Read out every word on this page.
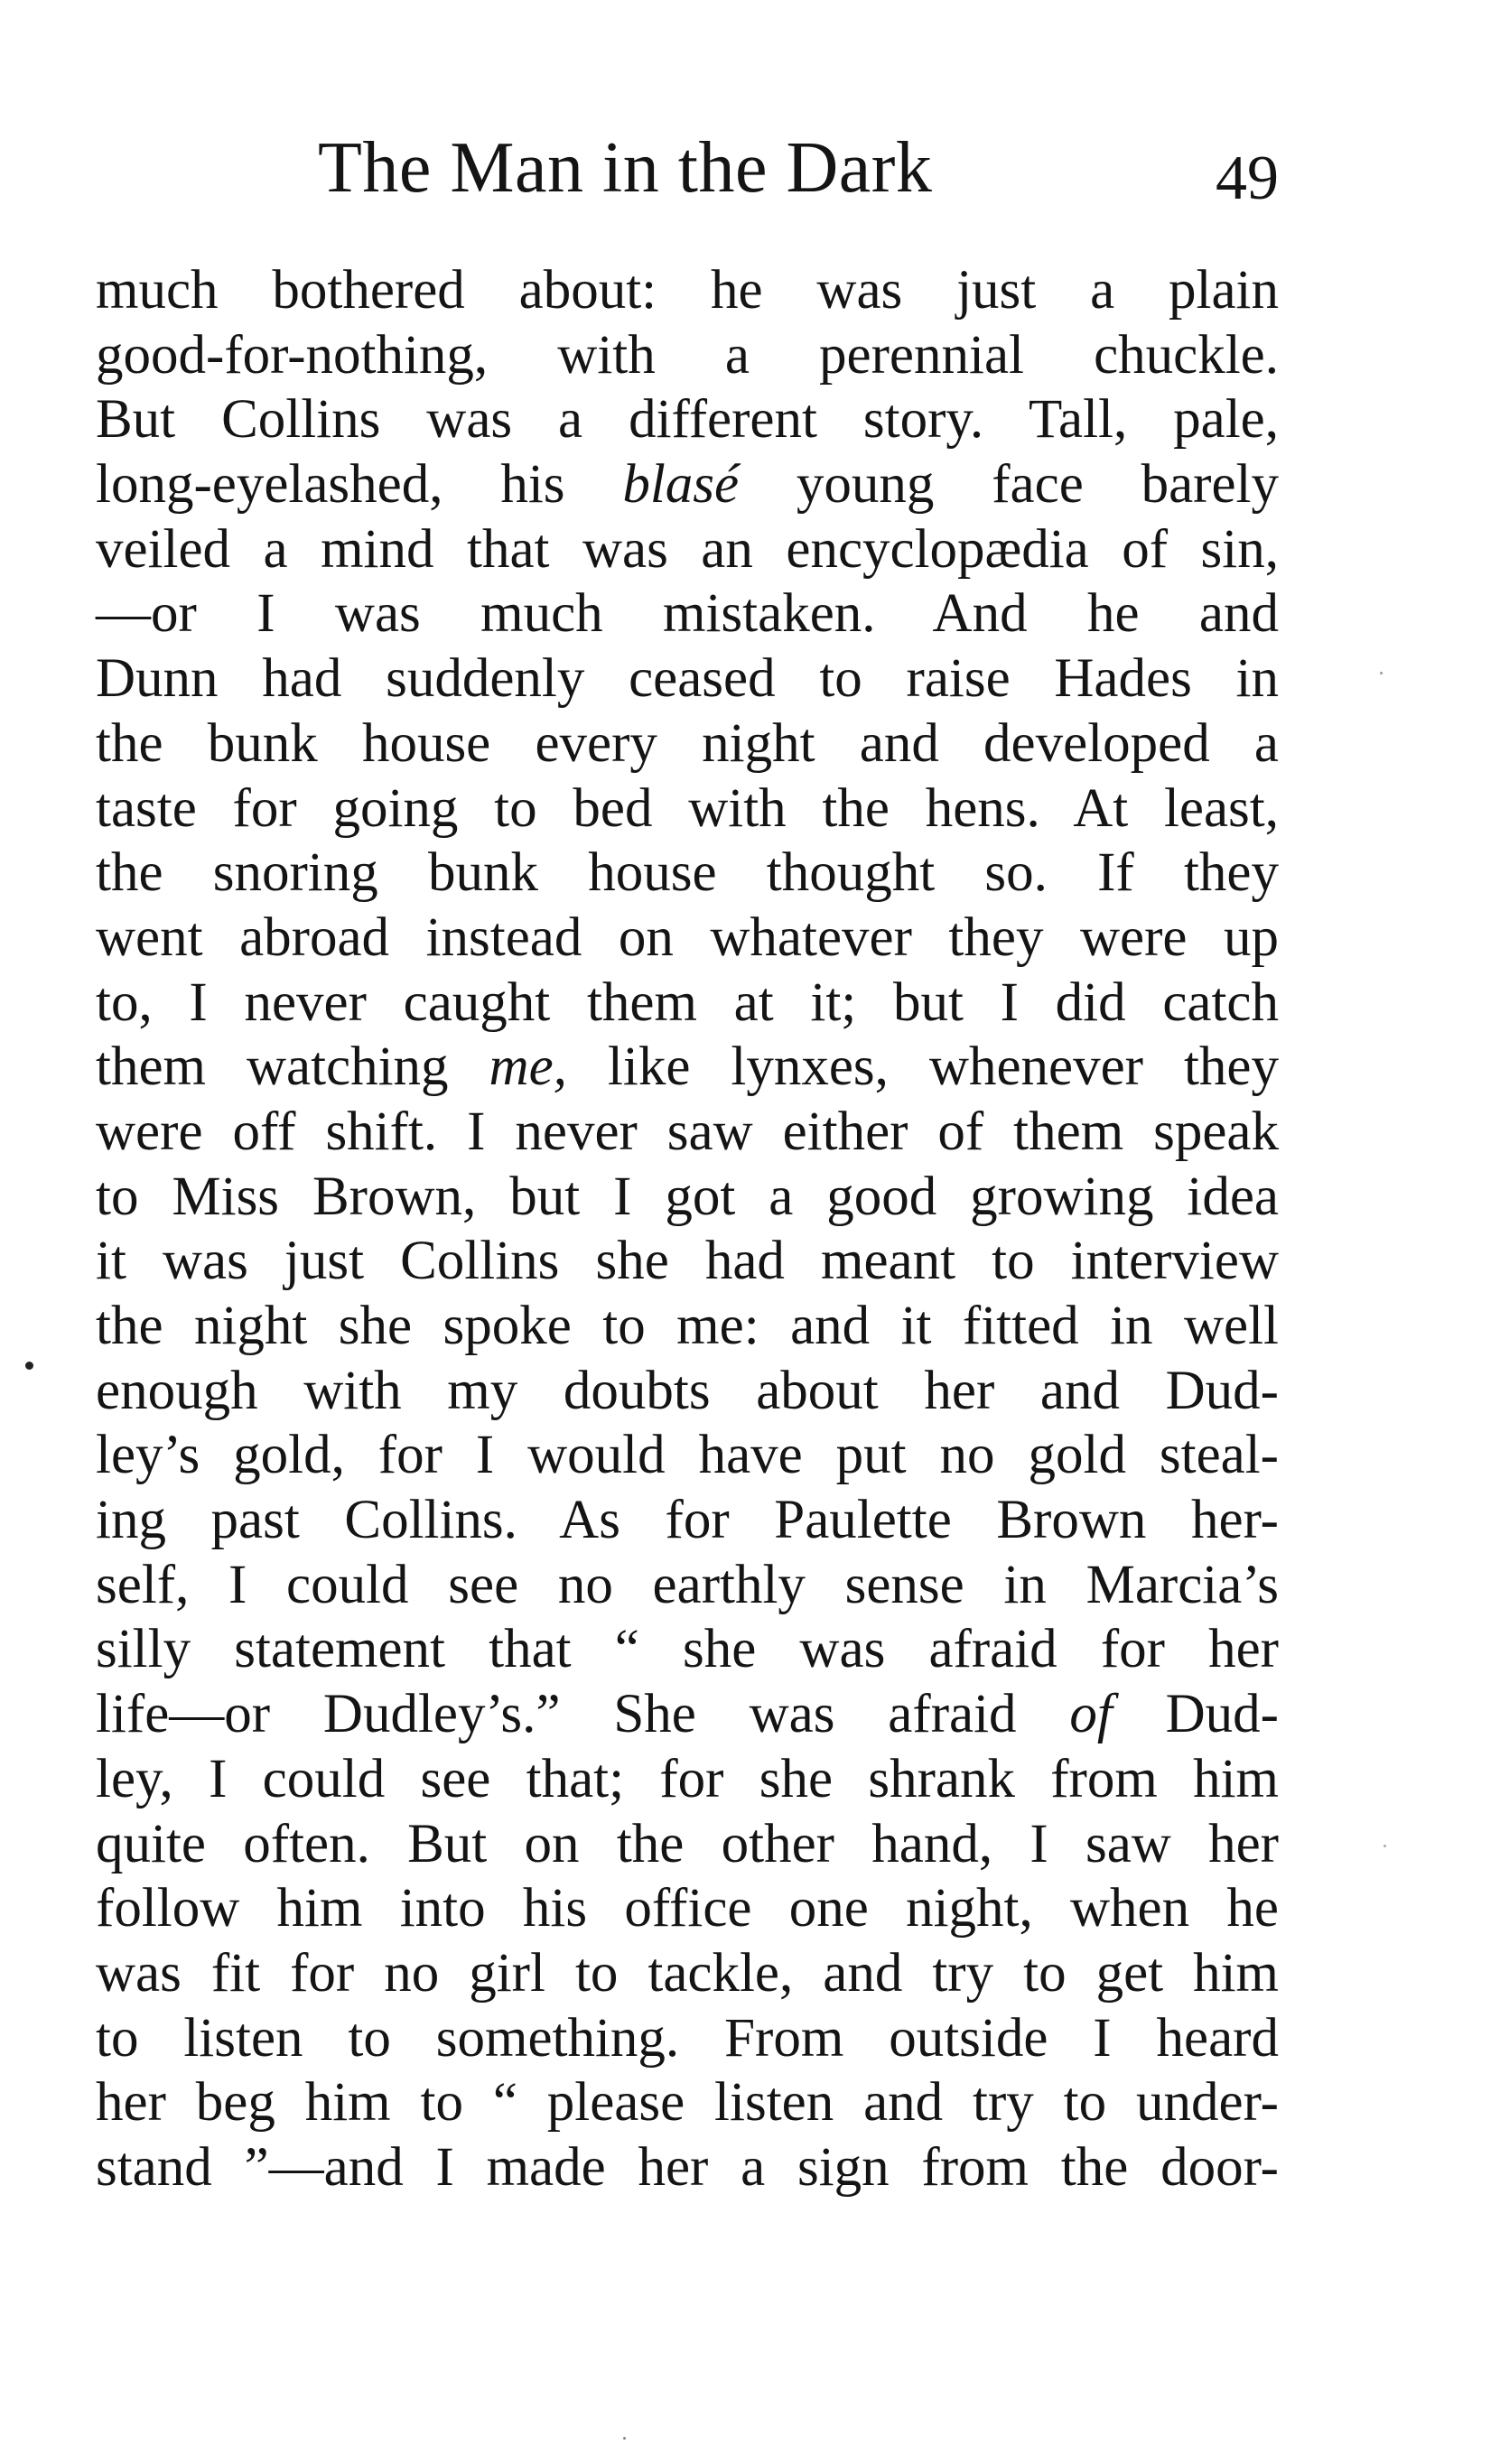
The Man in the Dark	49
much bothered about: he was just a plain
good-for-nothing, with a perennial chuckle.
But Collins was a different story. Tall, pale,
long-eyelashed, his blasé young face barely
veiled a mind that was an encyclopædia of sin,
—or I was much mistaken. And he and
Dunn had suddenly ceased to raise Hades in
the bunk house every night and developed a
taste for going to bed with the hens. At least,
the snoring bunk house thought so. If they
went abroad instead on whatever they were up
to, I never caught them at it; but I did catch
them watching me, like lynxes, whenever they
were off shift. I never saw either of them speak
to Miss Brown, but I got a good growing idea
it was just Collins she had meant to interview
the night she spoke to me: and it fitted in well
enough with my doubts about her and Dud-
ley’s gold, for I would have put no gold steal-
ing past Collins. As for Paulette Brown her-
self, I could see no earthly sense in Marcia’s
silly statement that “ she was afraid for her
life—or Dudley’s.” She was afraid of Dud-
ley, I could see that; for she shrank from him
quite often. But on the other hand, I saw her
follow him into his office one night, when he
was fit for no girl to tackle, and try to get him
to listen to something. From outside I heard
her beg him to “ please listen and try to under-
stand ”—and I made her a sign from the door-
